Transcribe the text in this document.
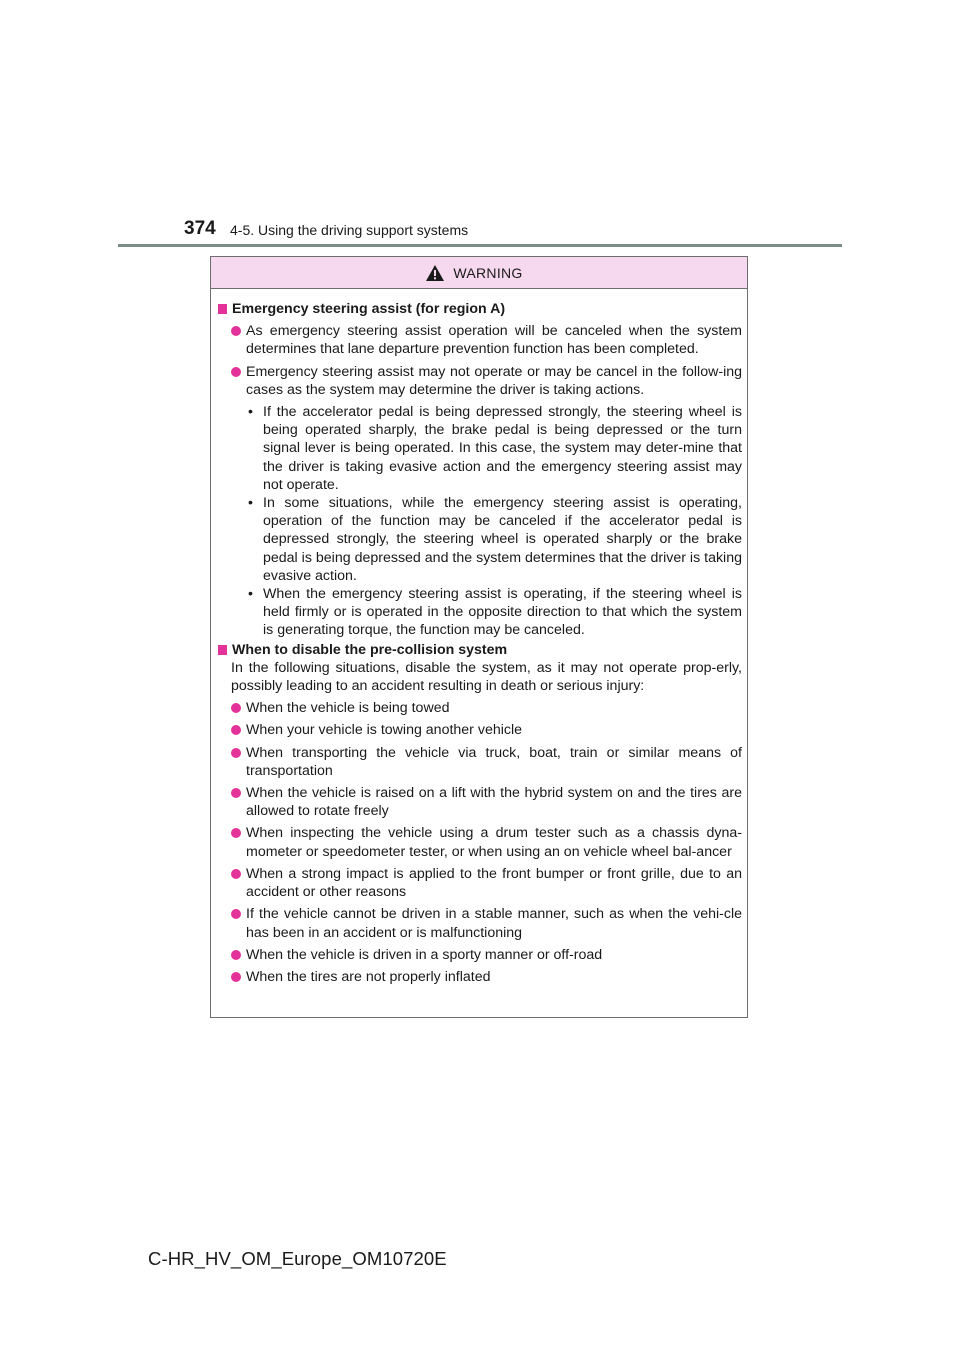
374 4-5. Using the driving support systems
WARNING
Emergency steering assist (for region A)
As emergency steering assist operation will be canceled when the system determines that lane departure prevention function has been completed.
Emergency steering assist may not operate or may be cancel in the follow-ing cases as the system may determine the driver is taking actions.
• If the accelerator pedal is being depressed strongly, the steering wheel is being operated sharply, the brake pedal is being depressed or the turn signal lever is being operated. In this case, the system may deter-mine that the driver is taking evasive action and the emergency steering assist may not operate.
• In some situations, while the emergency steering assist is operating, operation of the function may be canceled if the accelerator pedal is depressed strongly, the steering wheel is operated sharply or the brake pedal is being depressed and the system determines that the driver is taking evasive action.
• When the emergency steering assist is operating, if the steering wheel is held firmly or is operated in the opposite direction to that which the system is generating torque, the function may be canceled.
When to disable the pre-collision system
In the following situations, disable the system, as it may not operate prop-erly, possibly leading to an accident resulting in death or serious injury:
When the vehicle is being towed
When your vehicle is towing another vehicle
When transporting the vehicle via truck, boat, train or similar means of transportation
When the vehicle is raised on a lift with the hybrid system on and the tires are allowed to rotate freely
When inspecting the vehicle using a drum tester such as a chassis dyna-mometer or speedometer tester, or when using an on vehicle wheel bal-ancer
When a strong impact is applied to the front bumper or front grille, due to an accident or other reasons
If the vehicle cannot be driven in a stable manner, such as when the vehi-cle has been in an accident or is malfunctioning
When the vehicle is driven in a sporty manner or off-road
When the tires are not properly inflated
C-HR_HV_OM_Europe_OM10720E
